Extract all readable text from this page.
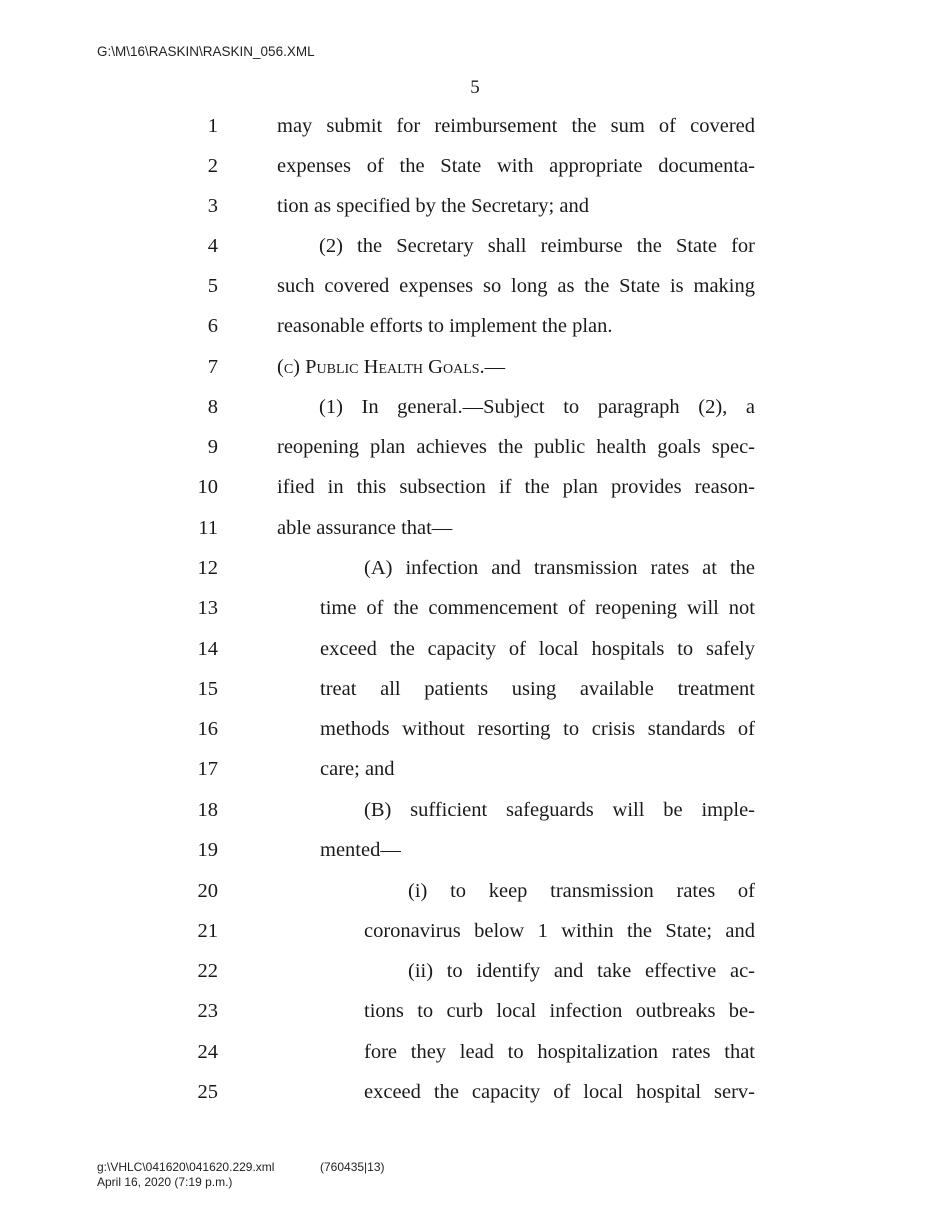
G:\M\16\RASKIN\RASKIN_056.XML
5
1	may submit for reimbursement the sum of covered
2	expenses of the State with appropriate documenta-
3	tion as specified by the Secretary; and
4	(2) the Secretary shall reimburse the State for
5	such covered expenses so long as the State is making
6	reasonable efforts to implement the plan.
7	(c) Public Health Goals.—
8	(1) In general.—Subject to paragraph (2), a
9	reopening plan achieves the public health goals spec-
10	ified in this subsection if the plan provides reason-
11	able assurance that—
12	(A) infection and transmission rates at the
13	time of the commencement of reopening will not
14	exceed the capacity of local hospitals to safely
15	treat all patients using available treatment
16	methods without resorting to crisis standards of
17	care; and
18	(B) sufficient safeguards will be imple-
19	mented—
20	(i) to keep transmission rates of
21	coronavirus below 1 within the State; and
22	(ii) to identify and take effective ac-
23	tions to curb local infection outbreaks be-
24	fore they lead to hospitalization rates that
25	exceed the capacity of local hospital serv-
g:\VHLC\041620\041620.229.xml	(760435|13)
April 16, 2020 (7:19 p.m.)
